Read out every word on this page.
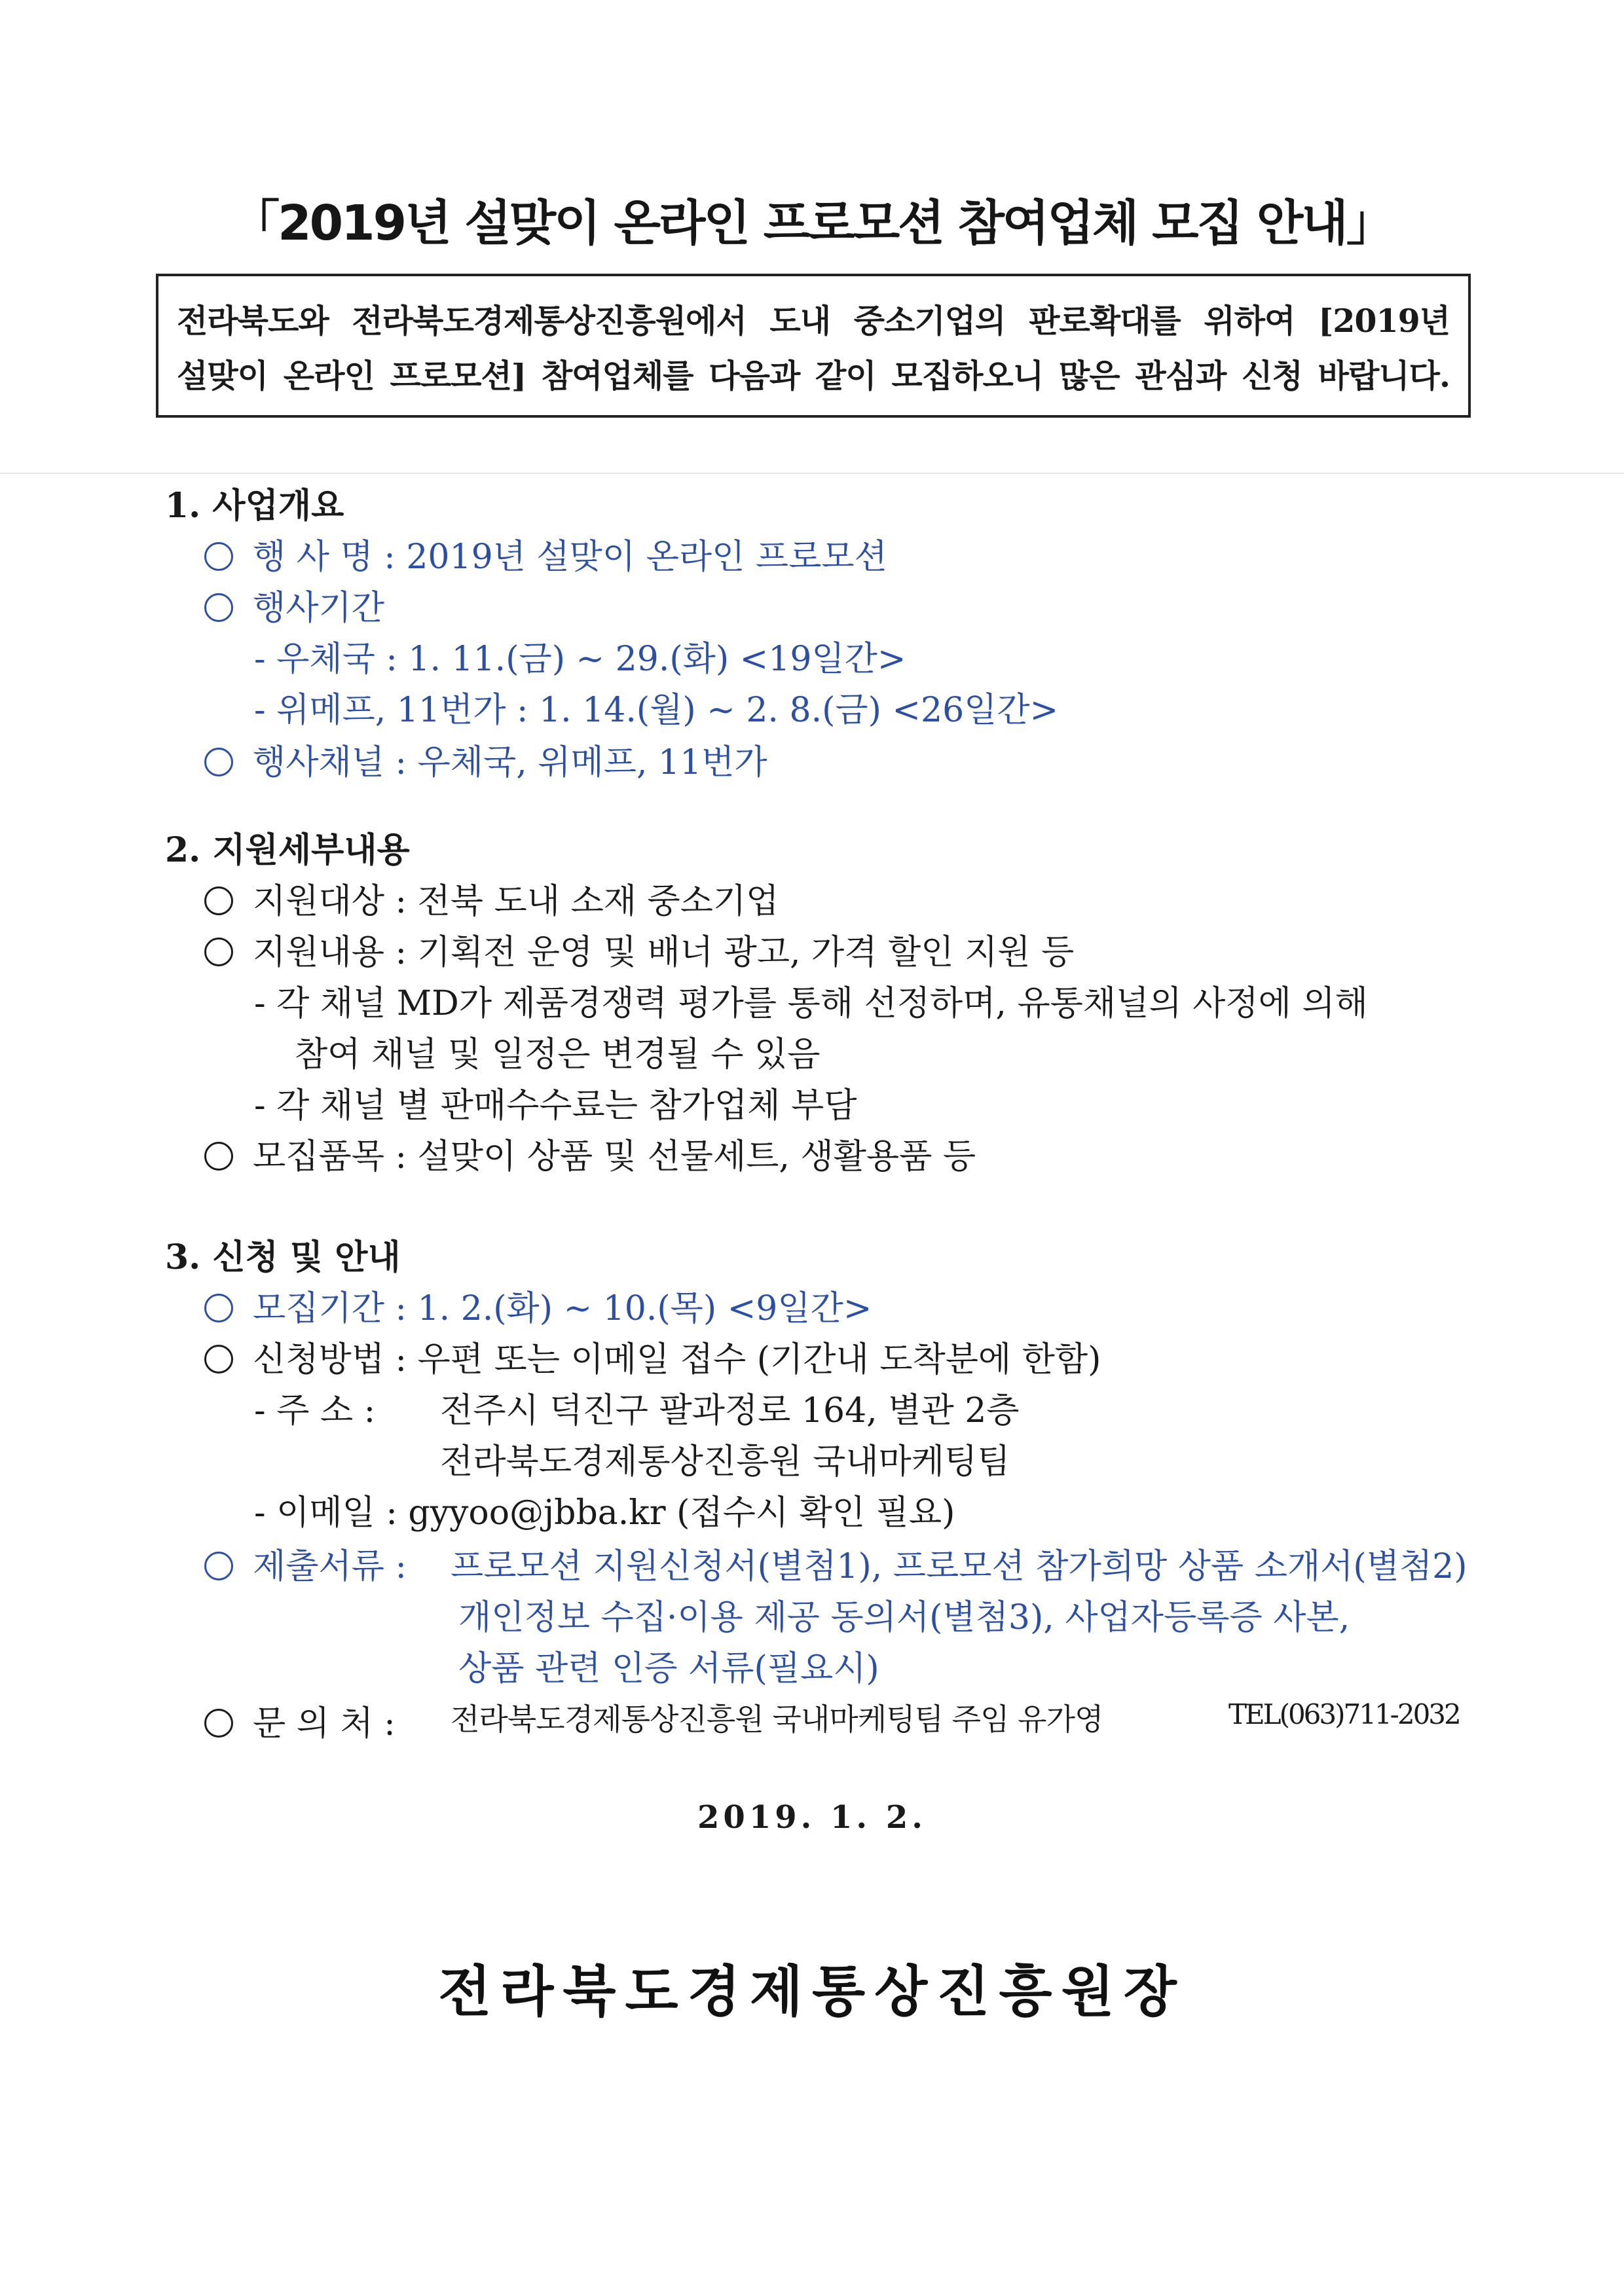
「2019년 설맞이 온라인 프로모션 참여업체 모집 안내」
전라북도와 전라북도경제통상진흥원에서 도내 중소기업의 판로확대를 위하여 [2019년
설맞이 온라인 프로모션] 참여업체를 다음과 같이 모집하오니 많은 관심과 신청 바랍니다.
1. 사업개요
행 사 명 : 2019년 설맞이 온라인 프로모션
행사기간
- 우체국 : 1. 11.(금) ~ 29.(화) <19일간>
- 위메프, 11번가 : 1. 14.(월) ~ 2. 8.(금) <26일간>
행사채널 : 우체국, 위메프, 11번가
2. 지원세부내용
지원대상 : 전북 도내 소재 중소기업
지원내용 : 기획전 운영 및 배너 광고, 가격 할인 지원 등
- 각 채널 MD가 제품경쟁력 평가를 통해 선정하며, 유통채널의 사정에 의해
참여 채널 및 일정은 변경될 수 있음
- 각 채널 별 판매수수료는 참가업체 부담
모집품목 : 설맞이 상품 및 선물세트, 생활용품 등
3. 신청 및 안내
모집기간 : 1. 2.(화) ~ 10.(목) <9일간>
신청방법 : 우편 또는 이메일 접수 (기간내 도착분에 한함)
- 주 소 : 전주시 덕진구 팔과정로 164, 별관 2층
전라북도경제통상진흥원 국내마케팅팀
- 이메일 : gyyoo@jbba.kr (접수시 확인 필요)
제출서류 : 프로모션 지원신청서(별첨1), 프로모션 참가희망 상품 소개서(별첨2)
개인정보 수집·이용 제공 동의서(별첨3), 사업자등록증 사본,
상품 관련 인증 서류(필요시)
문 의 처 : 전라북도경제통상진흥원 국내마케팅팀 주임 유가영	TEL(063)711-2032
2019. 1. 2.
전라북도경제통상진흥원장
